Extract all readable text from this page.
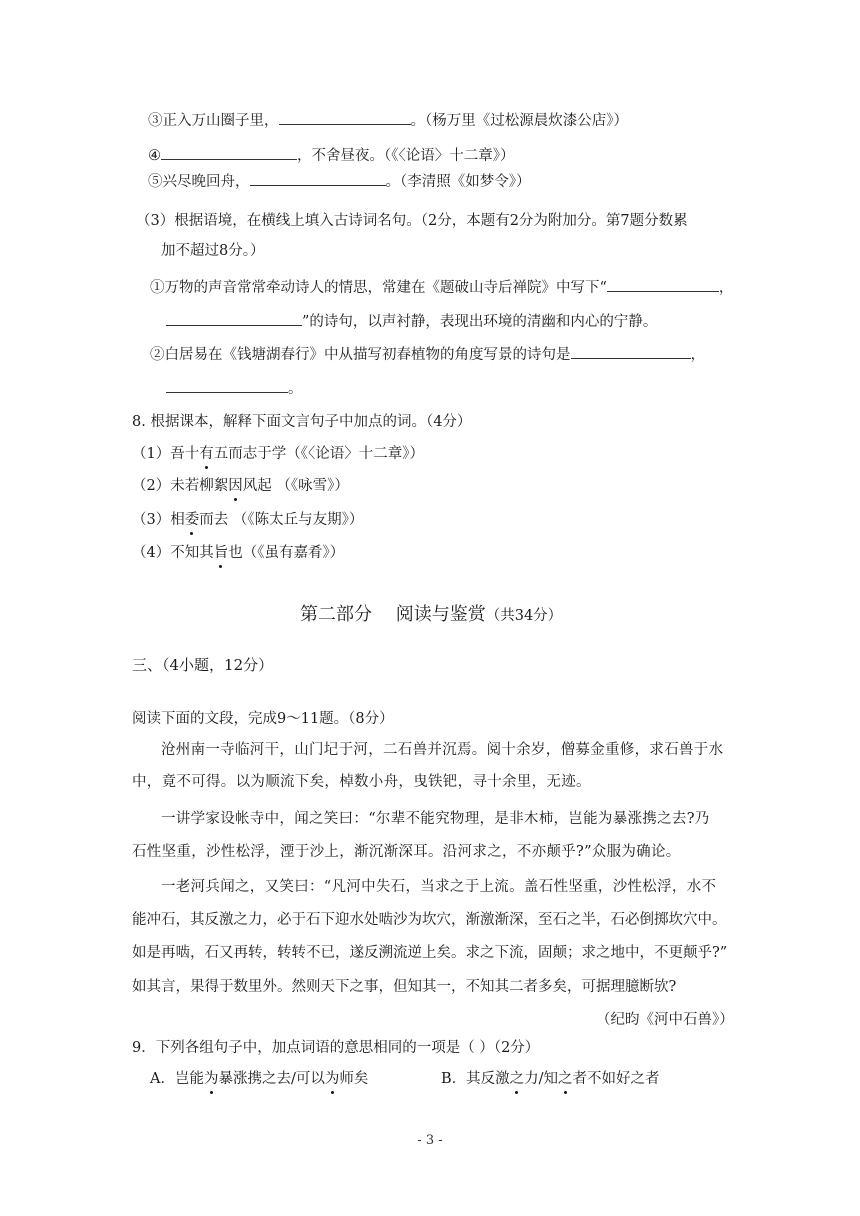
③正入万山圈子里，	。（杨万里《过松源晨炊漆公店》）
④	，不舍昼夜。（《〈论语〉十二章》）
⑤兴尽晚回舟，	。（李清照《如梦令》）
（3）根据语境，在横线上填入古诗词名句。（2分，本题有2分为附加分。第7题分数累
加不超过8分。）
①万物的声音常常牵动诗人的情思，常建在《题破山寺后禅院》中写下“	，
”的诗句，以声衬静，表现出环境的清幽和内心的宁静。
②白居易在《钱塘湖春行》中从描写初春植物的角度写景的诗句是	，
。
8. 根据课本，解释下面文言句子中加点的词。（4分）
（1）吾十有五而志于学（《〈论语〉十二章》）
（2）未若柳絮因风起 （《咏雪》）
（3）相委而去 （《陈太丘与友期》）
（4）不知其旨也（《虽有嘉肴》）
第二部分　 阅读与鉴赏（共34分）
三、（4小题，12分）
阅读下面的文段，完成9～11题。（8分）
沧州南一寺临河干，山门圮于河，二石兽并沉焉。阅十余岁，僧募金重修，求石兽于水
中，竟不可得。以为顺流下矣，棹数小舟，曳铁钯，寻十余里，无迹。
一讲学家设帐寺中，闻之笑曰：“尔辈不能究物理，是非木柿，岂能为暴涨携之去?乃
石性坚重，沙性松浮，湮于沙上，渐沉渐深耳。沿河求之，不亦颠乎?”众服为确论。
一老河兵闻之，又笑曰：“凡河中失石，当求之于上流。盖石性坚重，沙性松浮，水不
能冲石，其反激之力，必于石下迎水处啮沙为坎穴，渐激渐深，至石之半，石必倒掷坎穴中。
如是再啮，石又再转，转转不已，遂反溯流逆上矣。求之下流，固颠；求之地中，不更颠乎?”
如其言，果得于数里外。然则天下之事，但知其一，不知其二者多矣，可据理臆断欤?
（纪昀《河中石兽》）
9．下列各组句子中，加点词语的意思相同的一项是（ ）（2分）
A．岂能为暴涨携之去/可以为师矣	B．其反激之力/知之者不如好之者
- 3 -
